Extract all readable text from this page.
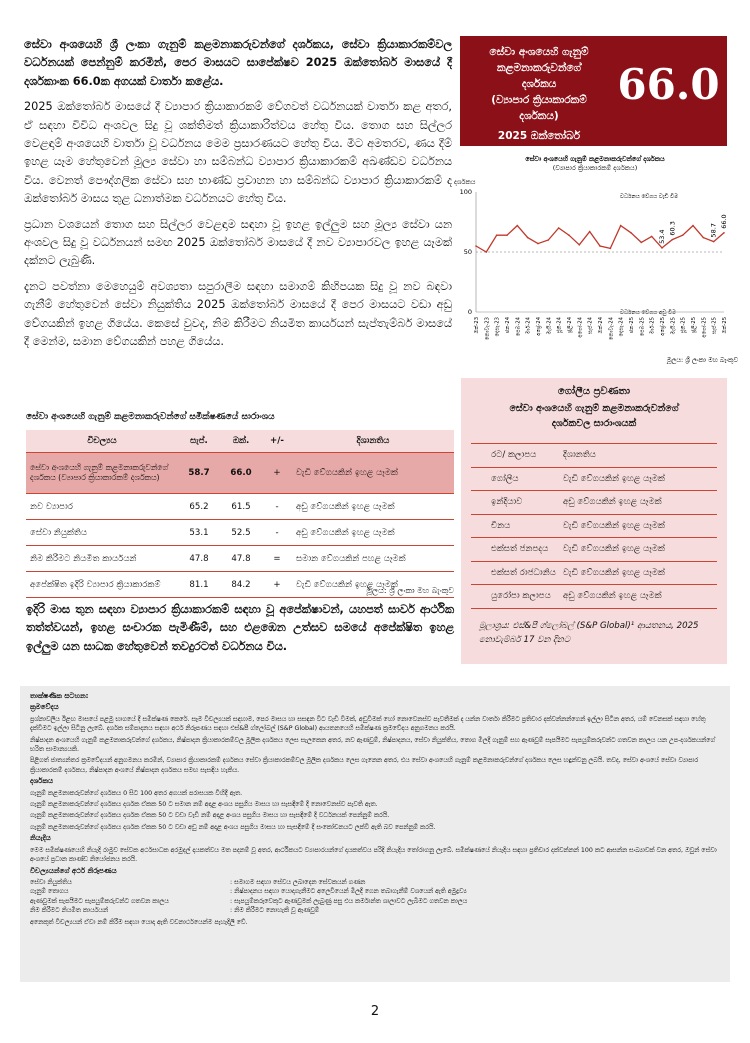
සේවා අංශයෙහි ශ්‍රී ලංකා ගැනුම් කළමනාකරුවන්ගේ දර්ශකය, සේවා ක්‍රියාකාරකම්වල වර්ධනයක් පෙන්නුම් කරමින්, පෙර මාසයට සාපේක්ෂව 2025 ඔක්තෝබර් මාසයේ දී දර්ශකාංක 66.0ක අගයක් වාර්තා කළේය.

2025 ඔක්තෝබර් මාසයේ දී ව්‍යාපාර ක්‍රියාකාරකම් වේගවත් වර්ධනයක් වාර්තා කළ අතර, ඒ සඳහා විවිධ අංශවල සිදු වූ ශක්තිමත් ක්‍රියාකාරිත්වය හේතු විය. තොග සහ සිල්ලර වෙළඳාම් අංශයෙහි වාර්තා වූ වර්ධනය මෙම ප්‍රසාරණයට හේතු විය. මීට අමතරව, ණය දීම් ඉහළ යෑම හේතුවෙන් මූල්‍ය සේවා හා සම්බන්ධ ව්‍යාපාර ක්‍රියාකාරකම් අඛණ්ඩව වර්ධනය විය. වෙනත් පෞද්ගලික සේවා සහ භාණ්ඩ ප්‍රවාහන හා සම්බන්ධ ව්‍යාපාර ක්‍රියාකාරකම් ද ඔක්තෝබර් මාසය තුළ ධනාත්මක වර්ධනයට හේතු විය.

ප්‍රධාන වශයෙන් තොග සහ සිල්ලර වෙළඳාම සඳහා වූ ඉහළ ඉල්ලුම සහ මූල්‍ය සේවා යන අංශවල සිදු වූ වර්ධනයන් සමඟ 2025 ඔක්තෝබර් මාසයේ දී නව ව්‍යාපාරවල ඉහළ යෑමක් දක්නට ලැබුණි.

දැනට පවත්නා මෙහෙයුම් අවශ්‍යතා සපුරාලීම සඳහා සමාගම් කිහිපයක සිදු වූ නව බඳවා ගැනීම් හේතුවෙන් සේවා නියුක්තිය 2025 ඔක්තෝබර් මාසයේ දී පෙර මාසයට වඩා අඩු වේගයකින් ඉහළ ගියේය. කෙසේ වුවද, නිම කිරීමට නියමිත කාර්යයන් සැප්තැම්බර් මාසයේ දී මෙන්ම, සමාන වේගයකින් පහළ ගියේය.

සේවා අංශයෙහි ගැනුම්
කළමනාකරුවන්ගේ
දර්ශකය
(ව්‍යාපාර ක්‍රියාකාරකම්
දර්ශකය)
2025 ඔක්තෝබර්
66.0
සේවා අංශයෙහි ගැනුම් කළමනාකරුවන්ගේ දර්ශකය
(ව්‍යාපාර ක්‍රියාකාරකම් දර්ශකය)
දර්ශකය
වර්ධනය වේගය වැඩි වීම
වර්ධනය වේගය අඩු වීම
0
50
100
53.4
60.3	58.7
66.0
ඔක්-23 නොවැ-23 දෙසැ-23 ජන-24 පෙබ-24 මාර්-24 අප්‍රේ-24 මැයි-24 ජූනි-24 ජූලි-24 අගෝ-24 සැප්-24 ඔක්-24 නොවැ-24 දෙසැ-24 ජන-25 පෙබ-25 මාර්-25 අප්‍රේ-25 මැයි-25 ජූනි-25 ජූලි-25 අගෝ-25 සැප්-25 ඔක්-25
මූලය: ශ්‍රී ලංකා මහ බැංකුව
සේවා අංශයෙහි ගැනුම් කළමනාකරුවන්ගේ සමීක්ෂණයේ සාරාංශය
විචල්‍යය	සැප්.	ඔක්.	+/-	දිශානතිය
සේවා අංශයෙහි ගැනුම් කළමනාකරුවන්ගේ දර්ශකය (ව්‍යාපාර ක්‍රියාකාරකම් දර්ශකය)	58.7	66.0	+	වැඩි වේගයකින් ඉහළ යෑමක්
නව ව්‍යාපාර	65.2	61.5	-	අඩු වේගයකින් ඉහළ යෑමක්
සේවා නියුක්තිය	53.1	52.5	-	අඩු වේගයකින් ඉහළ යෑමක්
නිම කිරීමට නියමිත කාර්යයන්	47.8	47.8	=	සමාන වේගයකින් පහළ යෑමක්
අපේක්ෂිත ඉදිරි ව්‍යාපාර ක්‍රියාකාරකම්	81.1	84.2	+	වැඩි වේගයකින් ඉහළ යෑමක්
මූලය: ශ්‍රී ලංකා මහ බැංකුව

ඉදිරි මාස තුන සඳහා ව්‍යාපාර ක්‍රියාකාරකම් සඳහා වූ අපේක්ෂාවන්, යහපත් සාර්ව ආර්ථික තත්ත්වයන්, ඉහළ සංචාරක පැමිණීම්, සහ එළඹෙන උත්සව සමයේ අපේක්ෂිත ඉහළ ඉල්ලුම යන සාධක හේතුවෙන් තවදුරටත් වර්ධනය විය.

ගෝලීය ප්‍රවණතා
සේවා අංශයෙහි ගැනුම් කළමනාකරුවන්ගේ
දර්ශකවල සාරාංශයක්
රට/ කලාපය	දිශානතිය
ගෝලීය	වැඩි වේගයකින් ඉහළ යෑමක්
ඉන්දියාව	අඩු වේගයකින් ඉහළ යෑමක්
චීනය	වැඩි වේගයකින් ඉහළ යෑමක්
එක්සත් ජනපදය	වැඩි වේගයකින් ඉහළ යෑමක්
එක්සත් රාජධානිය වැඩි වේගයකින් ඉහළ යෑමක්
යුරෝපා කලාපය	අඩු වේගයකින් ඉහළ යෑමක්
මූලාශ්‍රය: එස්&පී ග්ලෝබල් (S&P Global)¹ ආයතනය, 2025 නොවැම්බර් 17 වන දිනට

තාක්ෂණික සටහන:

ක්‍රමවේදය

ප්‍රශ්නාවලිය ඊළඟ මාසයේ පළමු භාගයේ දී සමීක්ෂණ කෙරේ. සෑම විචල්‍යයක් සඳහාම, පෙර මාසය හා සසඳන විට වැඩි වීමක්, අඩුවීමක් හෝ නොවෙනස්ව පැවතීමක් ද යන්න වාර්තා කිරීමට ප්‍රතිචාර දක්වන්නන්ගෙන් ඉල්ලා සිටින අතර, යම් වෙනසක් සඳහා හේතු දැක්වීමට ඉල්ලා සිටිනු ලැබේ. දර්ශක සම්පාදනය සඳහා අර්ථ නිරූපණය සඳහා එස්&පී ග්ලෝබල් (S&P Global) ආයතනයෙහි සමීක්ෂණ ක්‍රමවේදය අනුගමනය කරයි.

නිෂ්පාදන අංශයෙහි ගැනුම් කළමනාකරුවන්ගේ දර්ශකය, නිෂ්පාදන ක්‍රියාකාරකම්වල මූලික දර්ශකය ලෙස සැලකෙන අතර, නව ඇණවුම්, නිෂ්පාදනය, සේවා නියුක්තිය, තොග මිලදී ගැනුම් සහ ඇණවුම් සැපයීමට සැපයුම්කරුවන්ට ගතවන කාලය යන උප-දර්ශකයන්ගේ භරිත සාමාන්‍යයකි.

පිළිගත් ජාත්‍යන්තර ක්‍රමවේදයන් අනුගමනය කරමින්, ව්‍යාපාර ක්‍රියාකාරකම් දර්ශකය සේවා ක්‍රියාකාරකම්වල මූලික දර්ශකය ලෙස ගැනෙන අතර, එය සේවා අංශයෙහි ගැනුම් කළමනාකරුවන්ගේ දර්ශකය ලෙස හඳුන්වනු ලබයි. තවද, සේවා අංශයේ සේවා ව්‍යාපාර ක්‍රියාකාරකම් දර්ශකය, නිෂ්පාදන අංශයේ නිෂ්පාදන දර්ශකය සමඟ සැසඳිය හැකිය.

දර්ශකය

ගැනුම් කළමනාකරුවන්ගේ දර්ශකය 0 සිට 100 අතර අගයක් පරාසයක විහිදී ඇත.

ගැනුම් කළමනාකරුවන්ගේ දර්ශකය දර්ශක ඒකක 50 ට සමාන නම් අදාළ අංශය පසුගිය මාසය හා සැසඳීමේ දී නොවෙනස්ව පැවති ඇත.

ගැනුම් කළමනාකරුවන්ගේ දර්ශකය දර්ශක ඒකක 50 ට වඩා වැඩි නම් අදාළ අංශය පසුගිය මාසය හා සැසඳීමේ දී වර්ධනයක් පෙන්නුම් කරයි.

ගැනුම් කළමනාකරුවන්ගේ දර්ශකය දර්ශක ඒකක 50 ට වඩා අඩු නම් අදාළ අංශය පසුගිය මාසය හා සැසඳීමේ දී සංකෝචනයට ලක්වී ඇති බව පෙන්නුම් කරයි.

නියැදිය

මෙම සමීක්ෂණයෙහි නියැදි රාමුව සේවක අර්ථසාධක අරමුදල් දායකත්වය මත පදනම් වූ අතර, ආර්ථිකයට ව්‍යාපාරයන්ගේ දායකත්වය පරිදි නියැදිය තෝරාගනු ලැබේ. සමීක්ෂණයේ නියැදිය සඳහා ප්‍රතිචාර දක්වන්නන් 100 කට ආසන්න සංඛ්‍යාවක් වන අතර, ඔවුන් සේවා අංශයේ ප්‍රධාන කාණ්ඩ නියෝජනය කරයි.

විචල්‍යයන්ගේ අර්ථ නිරූපණය

සේවා නියුක්තිය	: සමාගම සඳහා සේවය ලබාදෙන සේවකයන් ගණන
ගැනුම් තොගය	: නිෂ්පාදනය සඳහා යොදාගැනීමට අලෙවියෙන් මිලදී ගෙන තබාගැනීම් වශයෙන් ඇති අමුද්‍රව්‍ය
ඇණවුමක් සැපයීමට සැපයුම්කරුවන්ට ගතවන කාලය	: සැපයුම්කරුවෙකුට ඇණවුමක් ලැබුණු පසු එය කර්මාන්ත ශාලාවට ලැබීමට ගතවන කාලය
නිම කිරීමට නියමිත කාර්යයන්	: නිම කිරීමට නොහැකි වූ ඇණවුම්

අනෙකුත් විචල්‍යයන් ඒවා නම් කිරීම සඳහා යොදා ඇති වචනාර්ථයෙන්ම පැහැදිලි වේ.

2
